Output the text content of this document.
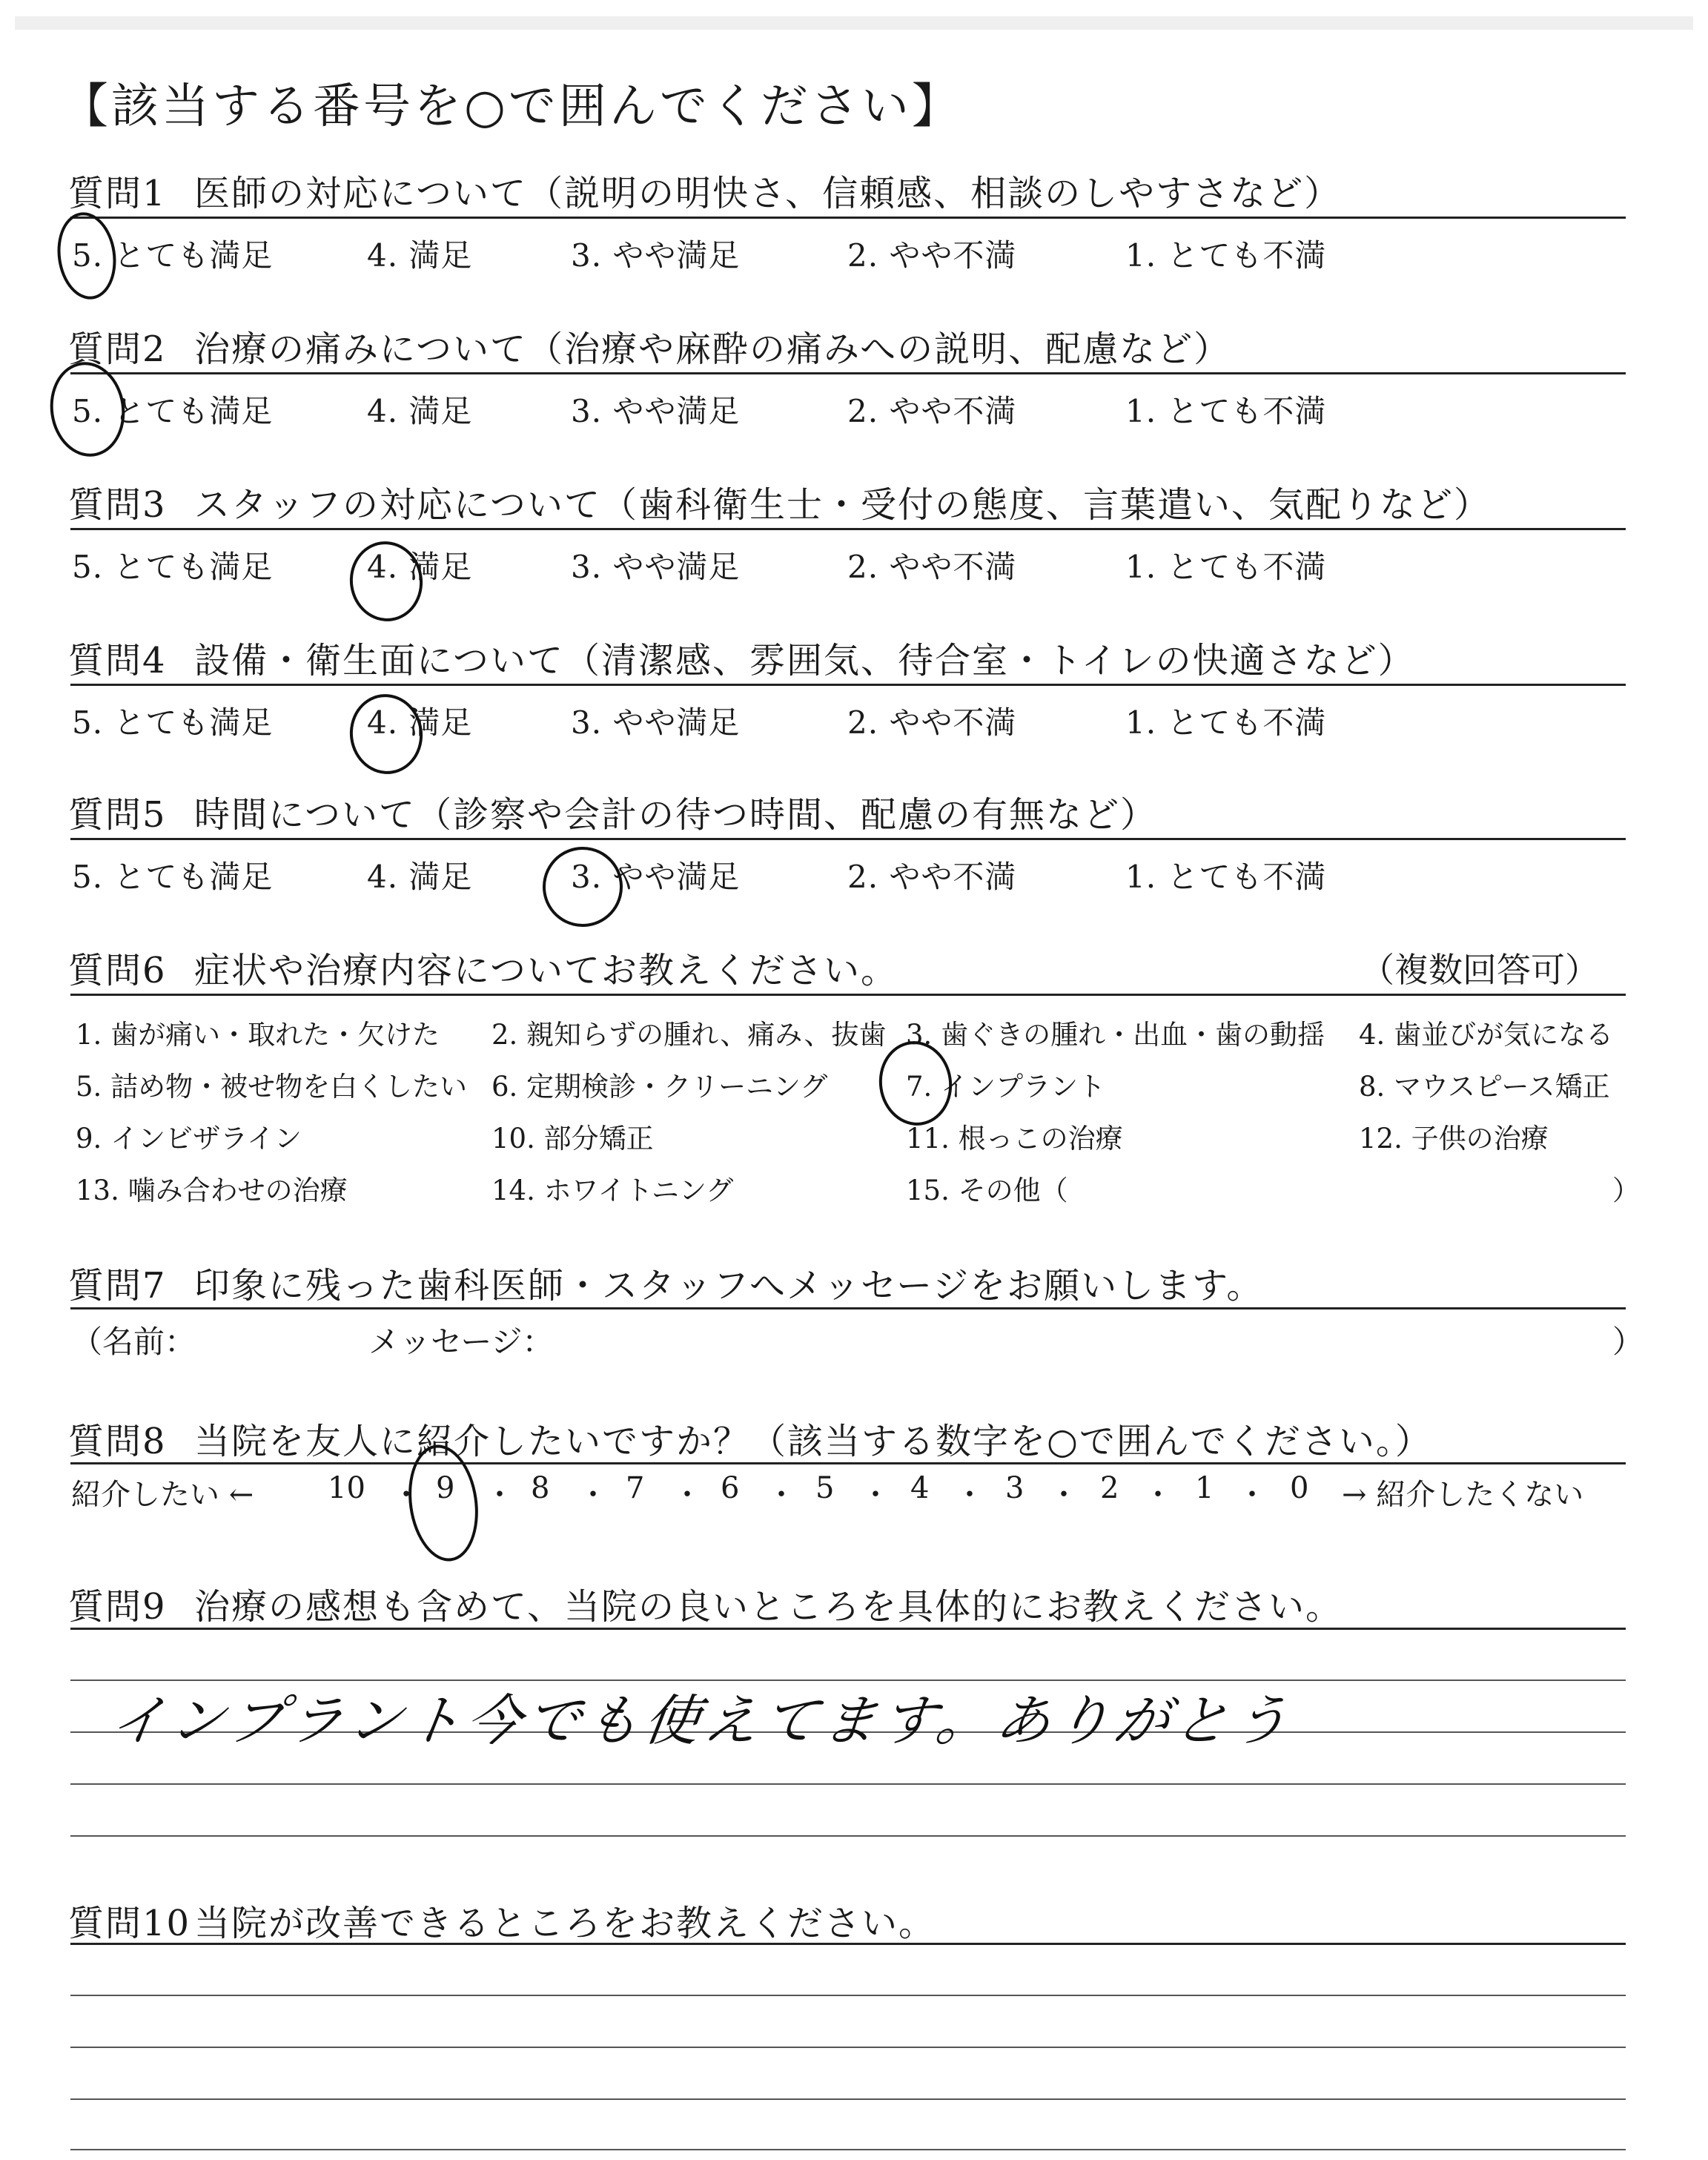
【該当する番号を○で囲んでください】
質問1 医師の対応について（説明の明快さ、信頼感、相談のしやすさなど）
5. とても満足	4. 満足	3. やや満足	2. やや不満	1. とても不満
質問2 治療の痛みについて（治療や麻酔の痛みへの説明、配慮など）
5. とても満足	4. 満足	3. やや満足	2. やや不満	1. とても不満
質問3 スタッフの対応について（歯科衛生士・受付の態度、言葉遣い、気配りなど）
5. とても満足	4. 満足	3. やや満足	2. やや不満	1. とても不満
質問4 設備・衛生面について（清潔感、雰囲気、待合室・トイレの快適さなど）
5. とても満足	4. 満足	3. やや満足	2. やや不満	1. とても不満
質問5 時間について（診察や会計の待つ時間、配慮の有無など）
5. とても満足	4. 満足	3. やや満足	2. やや不満	1. とても不満
質問6 症状や治療内容についてお教えください。	（複数回答可）
1. 歯が痛い・取れた・欠けた 2. 親知らずの腫れ、痛み、抜歯 3. 歯ぐきの腫れ・出血・歯の動揺 4. 歯並びが気になる
5. 詰め物・被せ物を白くしたい 6. 定期検診・クリーニング	7. インプラント	8. マウスピース矯正
9. インビザライン	10. 部分矯正	11. 根っこの治療	12. 子供の治療
13. 噛み合わせの治療	14. ホワイトニング	15. その他（	）
質問7 印象に残った歯科医師・スタッフへメッセージをお願いします。
（名前：	メッセージ：	）
質問8 当院を友人に紹介したいですか？（該当する数字を○で囲んでください。）
紹介したい ←	→ 紹介したくない
10 ・ 9 ・ 8 ・ 7 ・ 6 ・ 5 ・ 4 ・ 3 ・ 2 ・ 1 ・ 0
質問9 治療の感想も含めて、当院の良いところを具体的にお教えください。
インプラント今でも使えてます。ありがとう
質問10 当院が改善できるところをお教えください。
